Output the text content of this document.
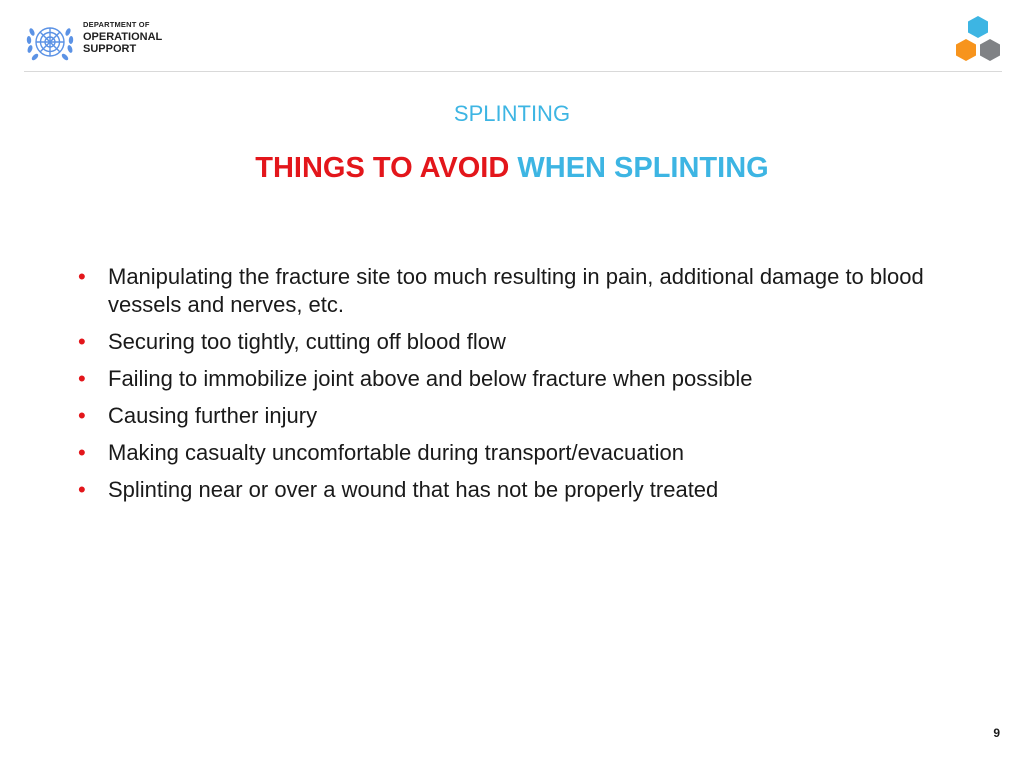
DEPARTMENT OF
OPERATIONAL
SUPPORT
SPLINTING
THINGS TO AVOID WHEN SPLINTING
• Manipulating the fracture site too much resulting in pain, additional damage to blood vessels and nerves, etc.
• Securing too tightly, cutting off blood flow
• Failing to immobilize joint above and below fracture when possible
• Causing further injury
• Making casualty uncomfortable during transport/evacuation
• Splinting near or over a wound that has not be properly treated
9
